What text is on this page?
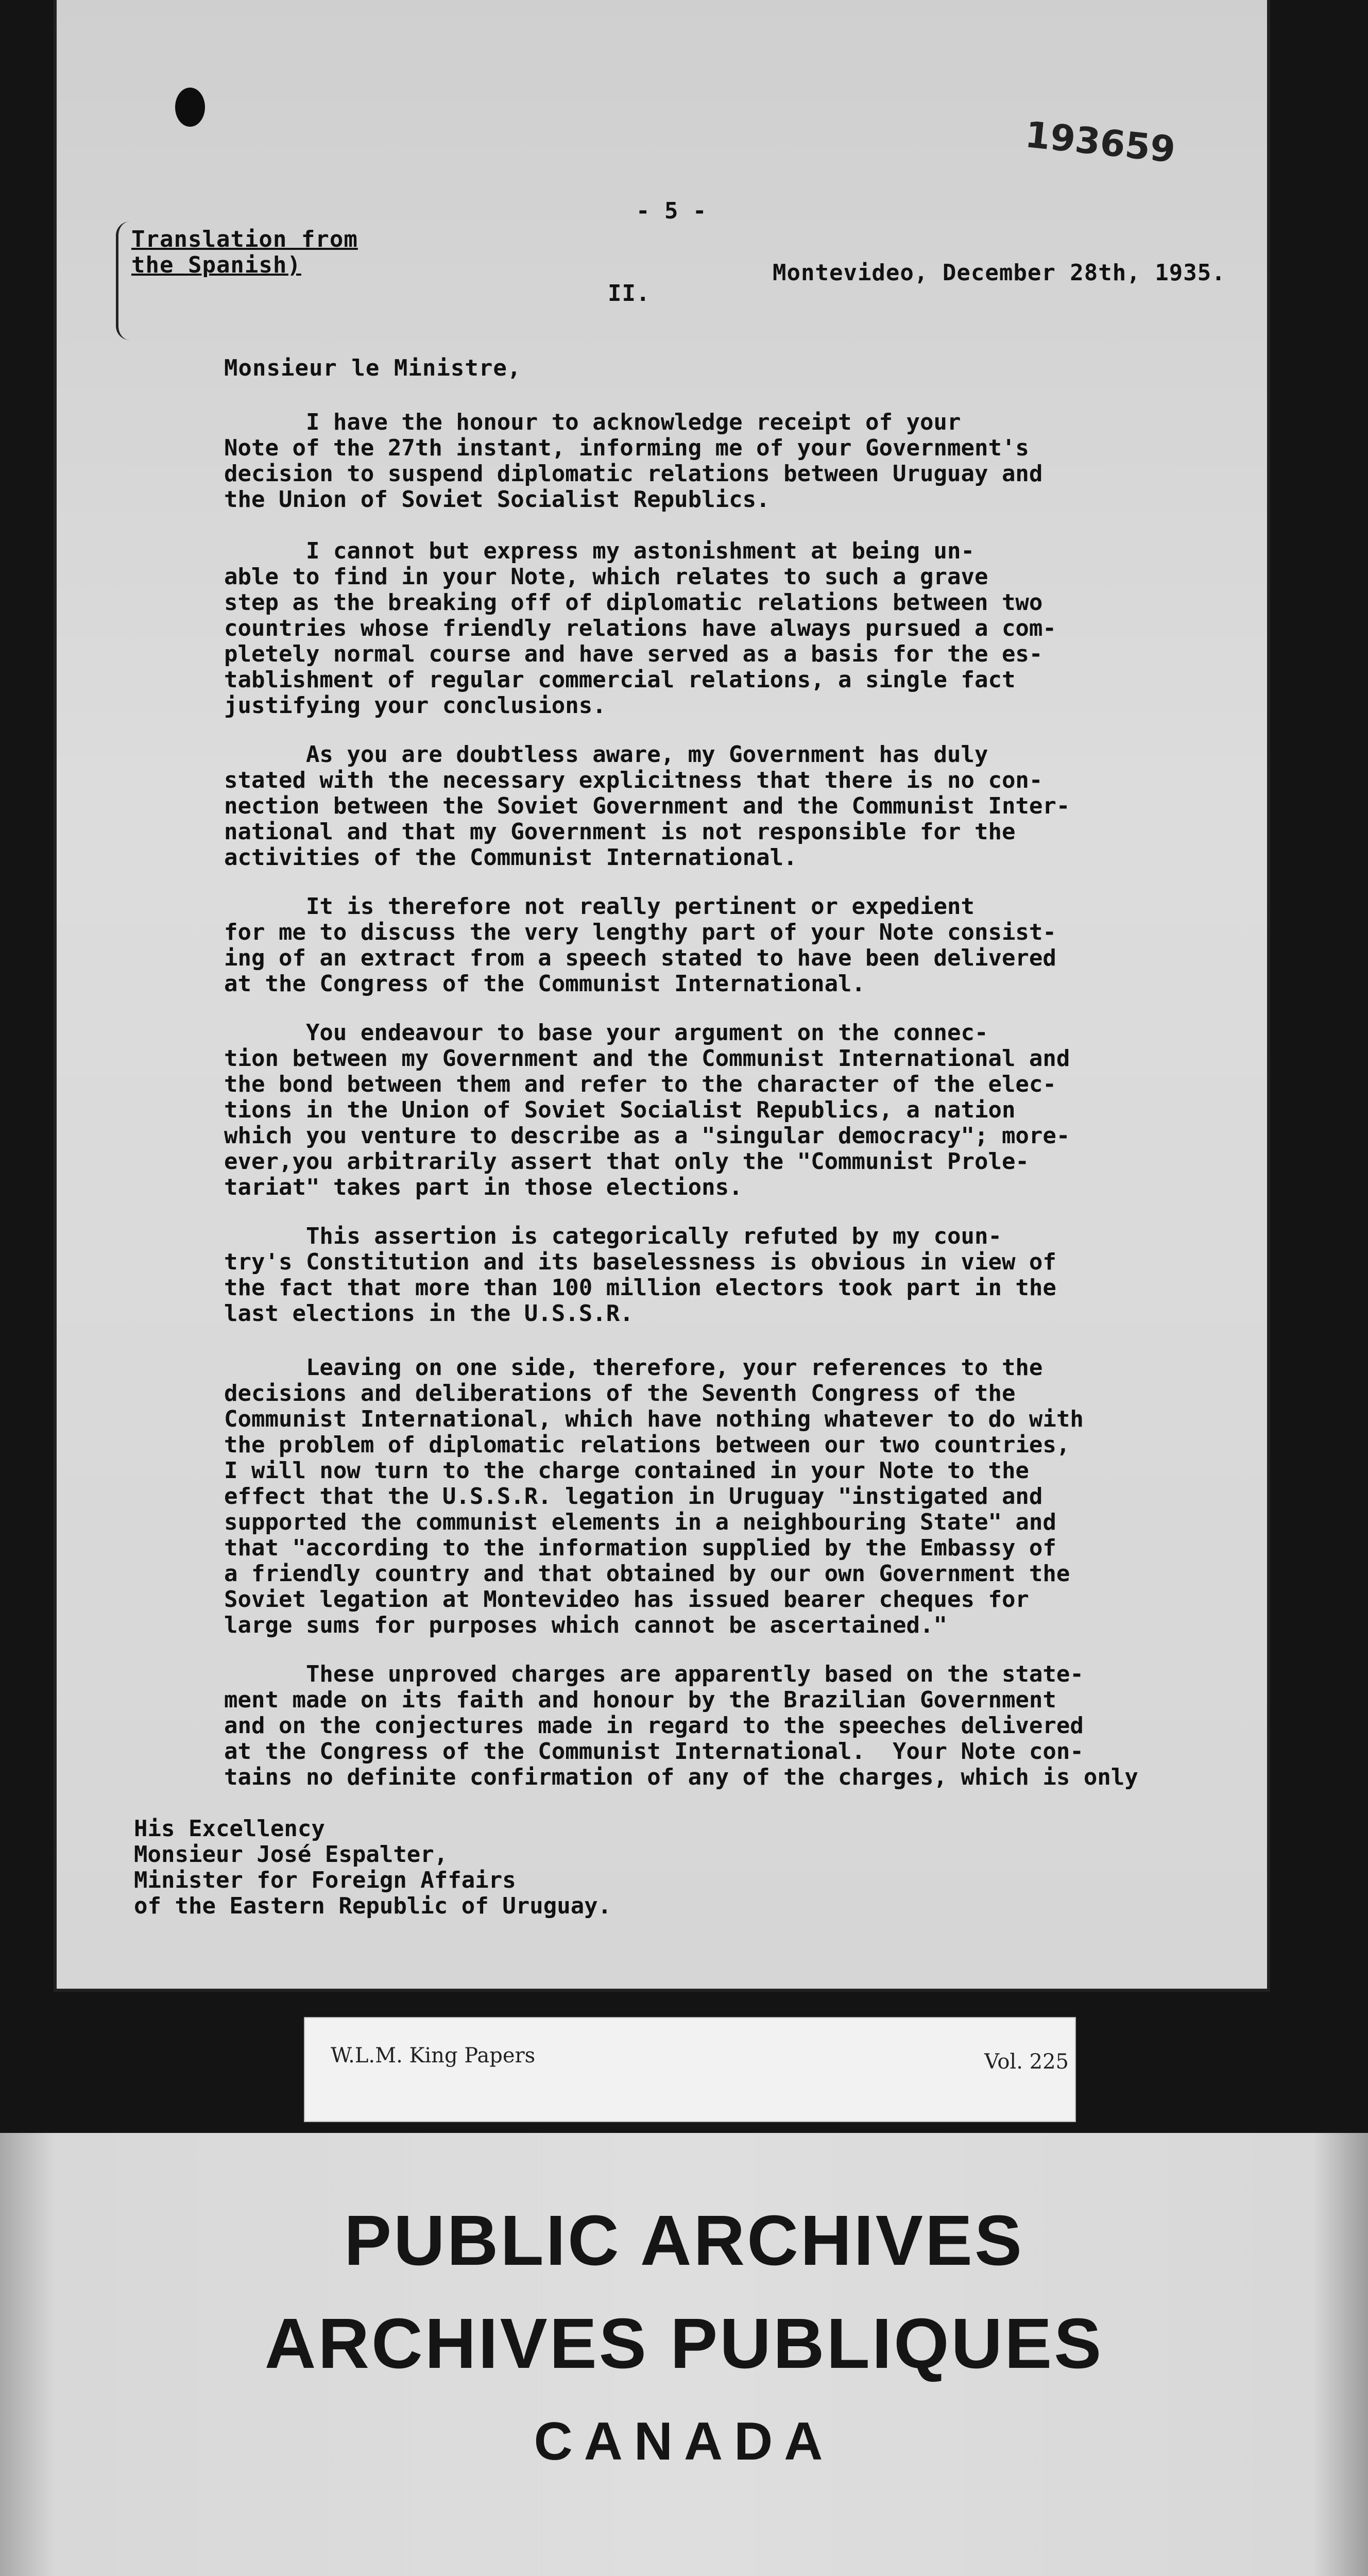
193659
- 5 -
Translation from
the Spanish)	Montevideo, December 28th, 1935.
II.
Monsieur le Ministre,
I have the honour to acknowledge receipt of your
Note of the 27th instant, informing me of your Government's
decision to suspend diplomatic relations between Uruguay and
the Union of Soviet Socialist Republics.
I cannot but express my astonishment at being un-
able to find in your Note, which relates to such a grave
step as the breaking off of diplomatic relations between two
countries whose friendly relations have always pursued a com-
pletely normal course and have served as a basis for the es-
tablishment of regular commercial relations, a single fact
justifying your conclusions.
As you are doubtless aware, my Government has duly
stated with the necessary explicitness that there is no con-
nection between the Soviet Government and the Communist Inter-
national and that my Government is not responsible for the
activities of the Communist International.
It is therefore not really pertinent or expedient
for me to discuss the very lengthy part of your Note consist-
ing of an extract from a speech stated to have been delivered
at the Congress of the Communist International.
You endeavour to base your argument on the connec-
tion between my Government and the Communist International and
the bond between them and refer to the character of the elec-
tions in the Union of Soviet Socialist Republics, a nation
which you venture to describe as a "singular democracy"; more-
ever,you arbitrarily assert that only the "Communist Prole-
tariat" takes part in those elections.
This assertion is categorically refuted by my coun-
try's Constitution and its baselessness is obvious in view of
the fact that more than 100 million electors took part in the
last elections in the U.S.S.R.
Leaving on one side, therefore, your references to the
decisions and deliberations of the Seventh Congress of the
Communist International, which have nothing whatever to do with
the problem of diplomatic relations between our two countries,
I will now turn to the charge contained in your Note to the
effect that the U.S.S.R. legation in Uruguay "instigated and
supported the communist elements in a neighbouring State" and
that "according to the information supplied by the Embassy of
a friendly country and that obtained by our own Government the
Soviet legation at Montevideo has issued bearer cheques for
large sums for purposes which cannot be ascertained."
These unproved charges are apparently based on the state-
ment made on its faith and honour by the Brazilian Government
and on the conjectures made in regard to the speeches delivered
at the Congress of the Communist International.  Your Note con-
tains no definite confirmation of any of the charges, which is only
His Excellency
Monsieur José Espalter,
Minister for Foreign Affairs
of the Eastern Republic of Uruguay.
W.L.M. King Papers	Vol. 225
PUBLIC ARCHIVES
ARCHIVES PUBLIQUES
CANADA
